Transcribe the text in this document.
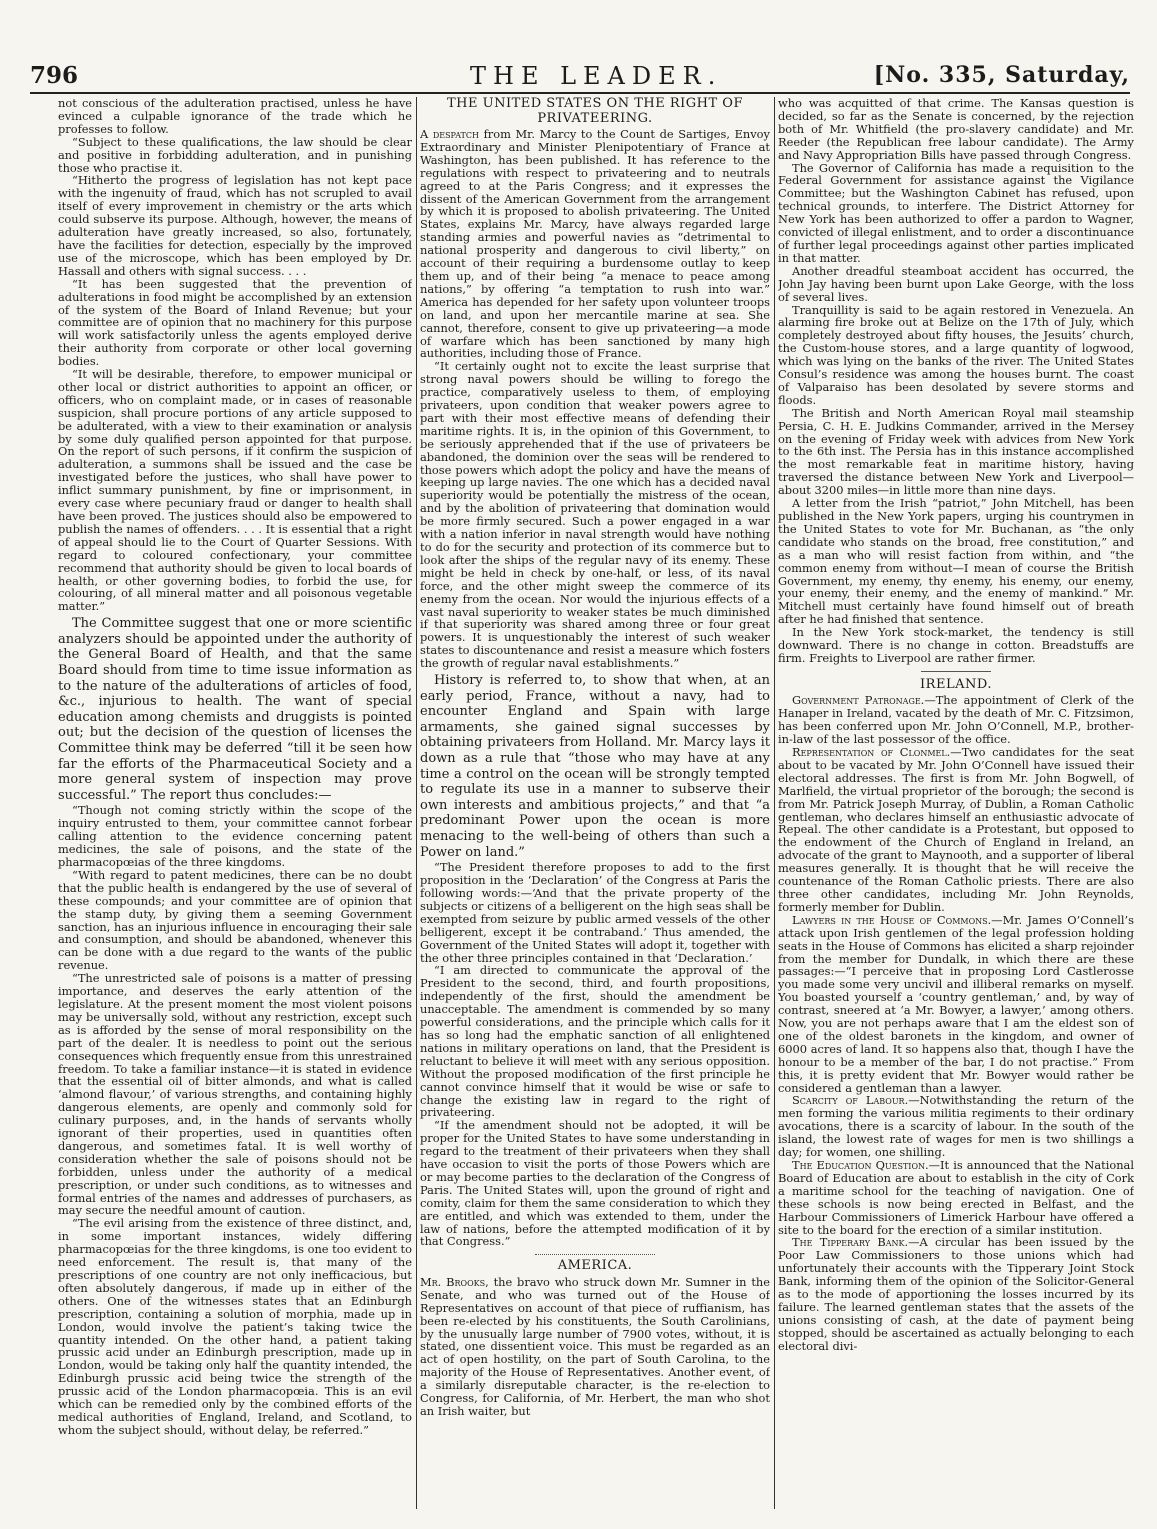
796	THE LEADER.	[No. 335, Saturday,

not conscious of the adulteration practised, unless he have evinced a culpable ignorance of the trade which he professes to follow.

“Subject to these qualifications, the law should be clear and positive in forbidding adulteration, and in punishing those who practise it.

“Hitherto the progress of legislation has not kept pace with the ingenuity of fraud, which has not scrupled to avail itself of every improvement in chemistry or the arts which could subserve its purpose. Although, however, the means of adulteration have greatly increased, so also, fortunately, have the facilities for detection, especially by the improved use of the microscope, which has been employed by Dr. Hassall and others with signal success. . . .

“It has been suggested that the prevention of adulterations in food might be accomplished by an extension of the system of the Board of Inland Revenue; but your committee are of opinion that no machinery for this purpose will work satisfactorily unless the agents employed derive their authority from corporate or other local governing bodies.

“It will be desirable, therefore, to empower municipal or other local or district authorities to appoint an officer, or officers, who on complaint made, or in cases of reasonable suspicion, shall procure portions of any article supposed to be adulterated, with a view to their examination or analysis by some duly qualified person appointed for that purpose. On the report of such persons, if it confirm the suspicion of adulteration, a summons shall be issued and the case be investigated before the justices, who shall have power to inflict summary punishment, by fine or imprisonment, in every case where pecuniary fraud or danger to health shall have been proved. The justices should also be empowered to publish the names of offenders. . . . It is essential that a right of appeal should lie to the Court of Quarter Sessions. With regard to coloured confectionary, your committee recommend that authority should be given to local boards of health, or other governing bodies, to forbid the use, for colouring, of all mineral matter and all poisonous vegetable matter.”

The Committee suggest that one or more scientific analyzers should be appointed under the authority of the General Board of Health, and that the same Board should from time to time issue information as to the nature of the adulterations of articles of food, &c., injurious to health. The want of special education among chemists and druggists is pointed out; but the decision of the question of licenses the Committee think may be deferred “till it be seen how far the efforts of the Pharmaceutical Society and a more general system of inspection may prove successful.” The report thus concludes:—

“Though not coming strictly within the scope of the inquiry entrusted to them, your committee cannot forbear calling attention to the evidence concerning patent medicines, the sale of poisons, and the state of the pharmacopœias of the three kingdoms.

“With regard to patent medicines, there can be no doubt that the public health is endangered by the use of several of these compounds; and your committee are of opinion that the stamp duty, by giving them a seeming Government sanction, has an injurious influence in encouraging their sale and consumption, and should be abandoned, whenever this can be done with a due regard to the wants of the public revenue.

“The unrestricted sale of poisons is a matter of pressing importance, and deserves the early attention of the legislature. At the present moment the most violent poisons may be universally sold, without any restriction, except such as is afforded by the sense of moral responsibility on the part of the dealer. It is needless to point out the serious consequences which frequently ensue from this unrestrained freedom. To take a familiar instance—it is stated in evidence that the essential oil of bitter almonds, and what is called ‘almond flavour,’ of various strengths, and containing highly dangerous elements, are openly and commonly sold for culinary purposes, and, in the hands of servants wholly ignorant of their properties, used in quantities often dangerous, and sometimes fatal. It is well worthy of consideration whether the sale of poisons should not be forbidden, unless under the authority of a medical prescription, or under such conditions, as to witnesses and formal entries of the names and addresses of purchasers, as may secure the needful amount of caution.

“The evil arising from the existence of three distinct, and, in some important instances, widely differing pharmacopœias for the three kingdoms, is one too evident to need enforcement. The result is, that many of the prescriptions of one country are not only inefficacious, but often absolutely dangerous, if made up in either of the others. One of the witnesses states that an Edinburgh prescription, containing a solution of morphia, made up in London, would involve the patient’s taking twice the quantity intended. On the other hand, a patient taking prussic acid under an Edinburgh prescription, made up in London, would be taking only half the quantity intended, the Edinburgh prussic acid being twice the strength of the prussic acid of the London pharmacopœia. This is an evil which can be remedied only by the combined efforts of the medical authorities of England, Ireland, and Scotland, to whom the subject should, without delay, be referred.”

THE UNITED STATES ON THE RIGHT OF PRIVATEERING.

A despatch from Mr. Marcy to the Count de Sartiges, Envoy Extraordinary and Minister Plenipotentiary of France at Washington, has been published. It has reference to the regulations with respect to privateering and to neutrals agreed to at the Paris Congress; and it expresses the dissent of the American Government from the arrangement by which it is proposed to abolish privateering. The United States, explains Mr. Marcy, have always regarded large standing armies and powerful navies as “detrimental to national prosperity and dangerous to civil liberty,” on account of their requiring a burdensome outlay to keep them up, and of their being “a menace to peace among nations,” by offering “a temptation to rush into war.” America has depended for her safety upon volunteer troops on land, and upon her mercantile marine at sea. She cannot, therefore, consent to give up privateering—a mode of warfare which has been sanctioned by many high authorities, including those of France.

“It certainly ought not to excite the least surprise that strong naval powers should be willing to forego the practice, comparatively useless to them, of employing privateers, upon condition that weaker powers agree to part with their most effective means of defending their maritime rights. It is, in the opinion of this Government, to be seriously apprehended that if the use of privateers be abandoned, the dominion over the seas will be rendered to those powers which adopt the policy and have the means of keeping up large navies. The one which has a decided naval superiority would be potentially the mistress of the ocean, and by the abolition of privateering that domination would be more firmly secured. Such a power engaged in a war with a nation inferior in naval strength would have nothing to do for the security and protection of its commerce but to look after the ships of the regular navy of its enemy. These might be held in check by one-half, or less, of its naval force, and the other might sweep the commerce of its enemy from the ocean. Nor would the injurious effects of a vast naval superiority to weaker states be much diminished if that superiority was shared among three or four great powers. It is unquestionably the interest of such weaker states to discountenance and resist a measure which fosters the growth of regular naval establishments.”

History is referred to, to show that when, at an early period, France, without a navy, had to encounter England and Spain with large armaments, she gained signal successes by obtaining privateers from Holland. Mr. Marcy lays it down as a rule that “those who may have at any time a control on the ocean will be strongly tempted to regulate its use in a manner to subserve their own interests and ambitious projects,” and that “a predominant Power upon the ocean is more menacing to the well-being of others than such a Power on land.”

“The President therefore proposes to add to the first proposition in the ‘Declaration’ of the Congress at Paris the following words:—‘And that the private property of the subjects or citizens of a belligerent on the high seas shall be exempted from seizure by public armed vessels of the other belligerent, except it be contraband.’ Thus amended, the Government of the United States will adopt it, together with the other three principles contained in that ‘Declaration.’

“I am directed to communicate the approval of the President to the second, third, and fourth propositions, independently of the first, should the amendment be unacceptable. The amendment is commended by so many powerful considerations, and the principle which calls for it has so long had the emphatic sanction of all enlightened nations in military operations on land, that the President is reluctant to believe it will meet with any serious opposition. Without the proposed modification of the first principle he cannot convince himself that it would be wise or safe to change the existing law in regard to the right of privateering.

“If the amendment should not be adopted, it will be proper for the United States to have some understanding in regard to the treatment of their privateers when they shall have occasion to visit the ports of those Powers which are or may become parties to the declaration of the Congress of Paris. The United States will, upon the ground of right and comity, claim for them the same consideration to which they are entitled, and which was extended to them, under the law of nations, before the attempted modification of it by that Congress.”

AMERICA.

Mr. Brooks, the bravo who struck down Mr. Sumner in the Senate, and who was turned out of the House of Representatives on account of that piece of ruffianism, has been re-elected by his constituents, the South Carolinians, by the unusually large number of 7900 votes, without, it is stated, one dissentient voice. This must be regarded as an act of open hostility, on the part of South Carolina, to the majority of the House of Representatives. Another event, of a similarly disreputable character, is the re-election to Congress, for California, of Mr. Herbert, the man who shot an Irish waiter, but

who was acquitted of that crime. The Kansas question is decided, so far as the Senate is concerned, by the rejection both of Mr. Whitfield (the pro-slavery candidate) and Mr. Reeder (the Republican free labour candidate). The Army and Navy Appropriation Bills have passed through Congress.

The Governor of California has made a requisition to the Federal Government for assistance against the Vigilance Committee; but the Washington Cabinet has refused, upon technical grounds, to interfere. The District Attorney for New York has been authorized to offer a pardon to Wagner, convicted of illegal enlistment, and to order a discontinuance of further legal proceedings against other parties implicated in that matter.

Another dreadful steamboat accident has occurred, the John Jay having been burnt upon Lake George, with the loss of several lives.

Tranquillity is said to be again restored in Venezuela. An alarming fire broke out at Belize on the 17th of July, which completely destroyed about fifty houses, the Jesuits’ church, the Custom-house stores, and a large quantity of logwood, which was lying on the banks of the river. The United States Consul’s residence was among the houses burnt. The coast of Valparaiso has been desolated by severe storms and floods.

The British and North American Royal mail steamship Persia, C. H. E. Judkins Commander, arrived in the Mersey on the evening of Friday week with advices from New York to the 6th inst. The Persia has in this instance accomplished the most remarkable feat in maritime history, having traversed the distance between New York and Liverpool—about 3200 miles—in little more than nine days.

A letter from the Irish “patriot,” John Mitchell, has been published in the New York papers, urging his countrymen in the United States to vote for Mr. Buchanan, as “the only candidate who stands on the broad, free constitution,” and as a man who will resist faction from within, and “the common enemy from without—I mean of course the British Government, my enemy, thy enemy, his enemy, our enemy, your enemy, their enemy, and the enemy of mankind.” Mr. Mitchell must certainly have found himself out of breath after he had finished that sentence.

In the New York stock-market, the tendency is still downward. There is no change in cotton. Breadstuffs are firm. Freights to Liverpool are rather firmer.

IRELAND.

Government Patronage.—The appointment of Clerk of the Hanaper in Ireland, vacated by the death of Mr. C. Fitzsimon, has been conferred upon Mr. John O’Connell, M.P., brother-in-law of the last possessor of the office.

Representation of Clonmel.—Two candidates for the seat about to be vacated by Mr. John O’Connell have issued their electoral addresses. The first is from Mr. John Bogwell, of Marlfield, the virtual proprietor of the borough; the second is from Mr. Patrick Joseph Murray, of Dublin, a Roman Catholic gentleman, who declares himself an enthusiastic advocate of Repeal. The other candidate is a Protestant, but opposed to the endowment of the Church of England in Ireland, an advocate of the grant to Maynooth, and a supporter of liberal measures generally. It is thought that he will receive the countenance of the Roman Catholic priests. There are also three other candidates, including Mr. John Reynolds, formerly member for Dublin.

Lawyers in the House of Commons.—Mr. James O’Connell’s attack upon Irish gentlemen of the legal profession holding seats in the House of Commons has elicited a sharp rejoinder from the member for Dundalk, in which there are these passages:—“I perceive that in proposing Lord Castlerosse you made some very uncivil and illiberal remarks on myself. You boasted yourself a ‘country gentleman,’ and, by way of contrast, sneered at ‘a Mr. Bowyer, a lawyer,’ among others. Now, you are not perhaps aware that I am the eldest son of one of the oldest baronets in the kingdom, and owner of 6000 acres of land. It so happens also that, though I have the honour to be a member of the bar, I do not practise.” From this, it is pretty evident that Mr. Bowyer would rather be considered a gentleman than a lawyer.

Scarcity of Labour.—Notwithstanding the return of the men forming the various militia regiments to their ordinary avocations, there is a scarcity of labour. In the south of the island, the lowest rate of wages for men is two shillings a day; for women, one shilling.

The Education Question.—It is announced that the National Board of Education are about to establish in the city of Cork a maritime school for the teaching of navigation. One of these schools is now being erected in Belfast, and the Harbour Commissioners of Limerick Harbour have offered a site to the board for the erection of a similar institution.

The Tipperary Bank.—A circular has been issued by the Poor Law Commissioners to those unions which had unfortunately their accounts with the Tipperary Joint Stock Bank, informing them of the opinion of the Solicitor-General as to the mode of apportioning the losses incurred by its failure. The learned gentleman states that the assets of the unions consisting of cash, at the date of payment being stopped, should be ascertained as actually belonging to each electoral divi-
